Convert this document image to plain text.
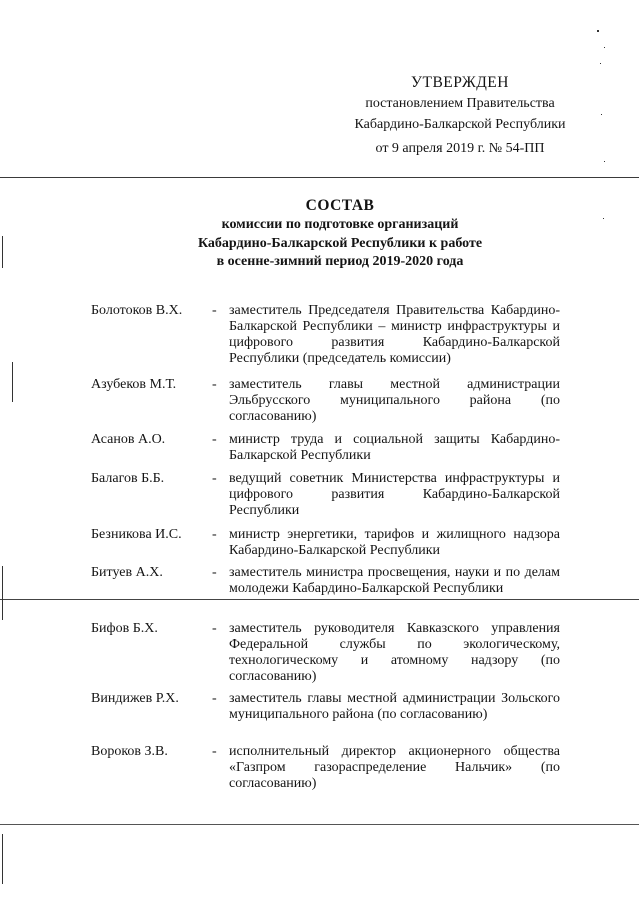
УТВЕРЖДЕН
постановлением Правительства
Кабардино-Балкарской Республики
от 9 апреля 2019 г. № 54-ПП
СОСТАВ
комиссии по подготовке организаций
Кабардино-Балкарской Республики к работе
в осенне-зимний период 2019-2020 года
Болотоков В.Х. - заместитель Председателя Правительства Кабардино-Балкарской Республики – министр инфраструктуры и цифрового развития Кабардино-Балкарской Республики (председатель комиссии)
Азубеков М.Т.	- заместитель главы местной администрации Эльбрусского муниципального района (по согласованию)
Асанов А.О.	- министр труда и социальной защиты Кабардино-Балкарской Республики
Балагов Б.Б.	- ведущий советник Министерства инфраструктуры и цифрового развития Кабардино-Балкарской Республики
Безникова И.С. - министр энергетики, тарифов и жилищного надзора Кабардино-Балкарской Республики
Битуев А.Х.	- заместитель министра просвещения, науки и по делам молодежи Кабардино-Балкарской Республики
Бифов Б.Х.	- заместитель руководителя Кавказского управления Федеральной службы по экологическому, технологическому и атомному надзору (по согласованию)
Виндижев Р.Х. - заместитель главы местной администрации Зольского муниципального района (по согласованию)
Вороков З.В.	- исполнительный директор акционерного общества «Газпром газораспределение Нальчик» (по согласованию)
